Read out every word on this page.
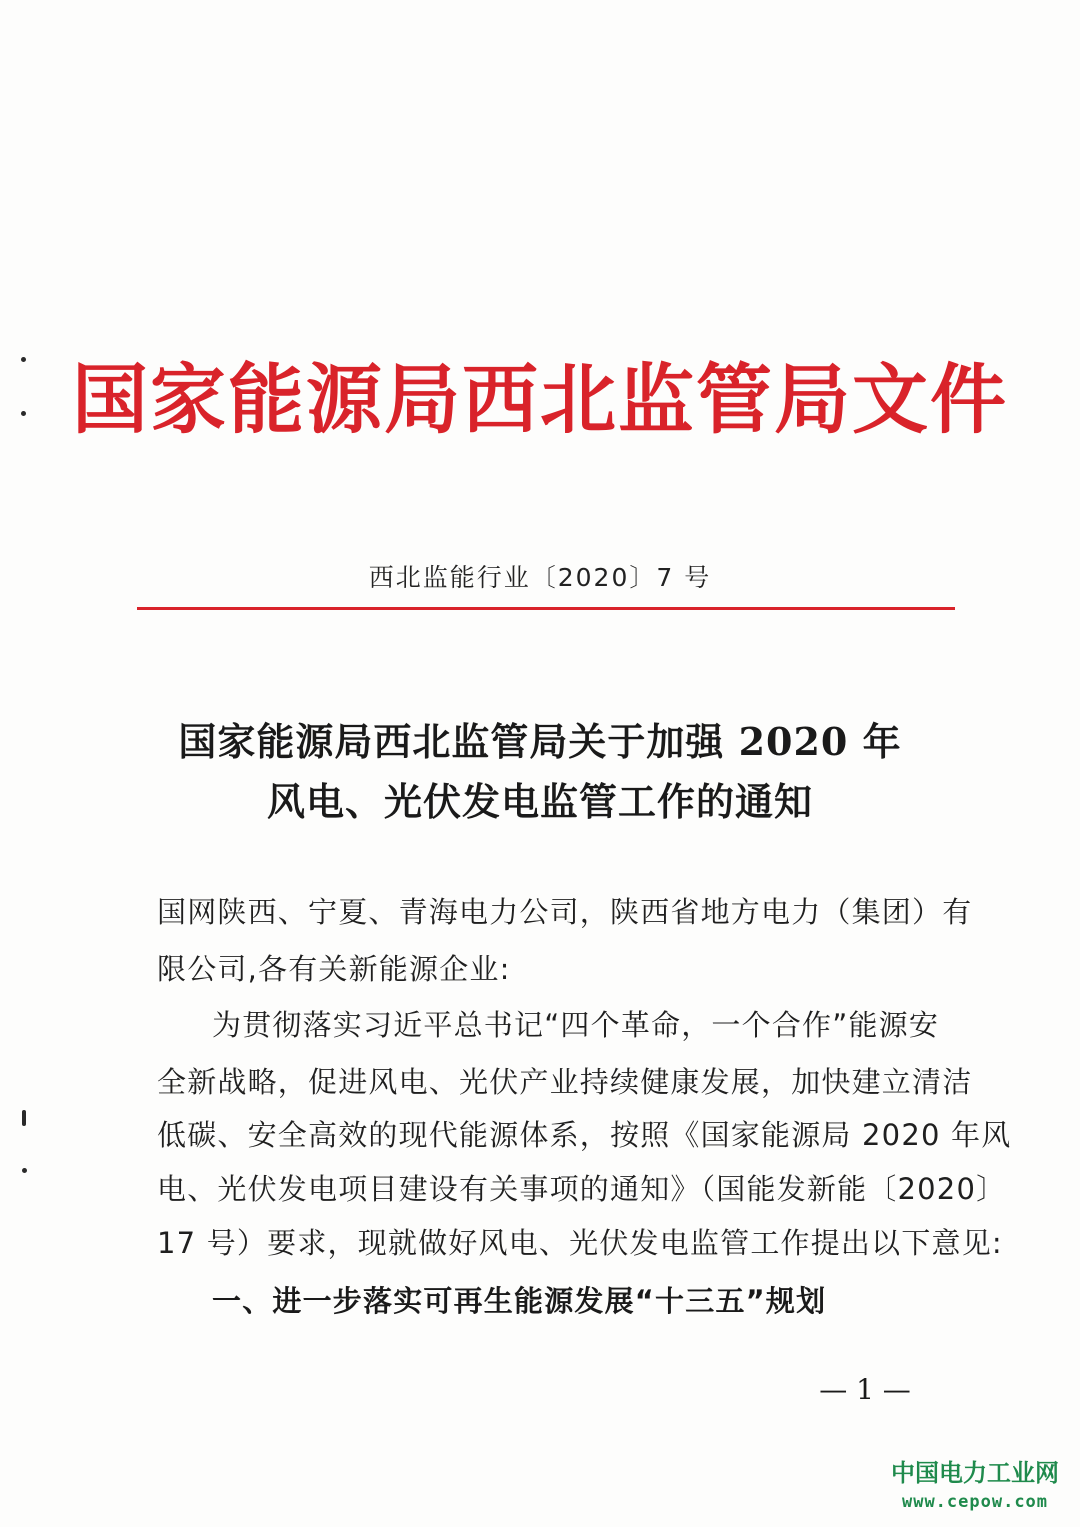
国家能源局西北监管局文件
西北监能行业〔2020〕7 号
国家能源局西北监管局关于加强 2020 年
风电、光伏发电监管工作的通知
国网陕西、宁夏、青海电力公司，陕西省地方电力（集团）有
限公司,各有关新能源企业:
为贯彻落实习近平总书记“四个革命，一个合作”能源安
全新战略，促进风电、光伏产业持续健康发展，加快建立清洁
低碳、安全高效的现代能源体系，按照《国家能源局 2020 年风
电、光伏发电项目建设有关事项的通知》（国能发新能〔2020〕
17 号）要求，现就做好风电、光伏发电监管工作提出以下意见:
一、进一步落实可再生能源发展“十三五”规划
— 1 —
中国电力工业网
www.cepow.com
